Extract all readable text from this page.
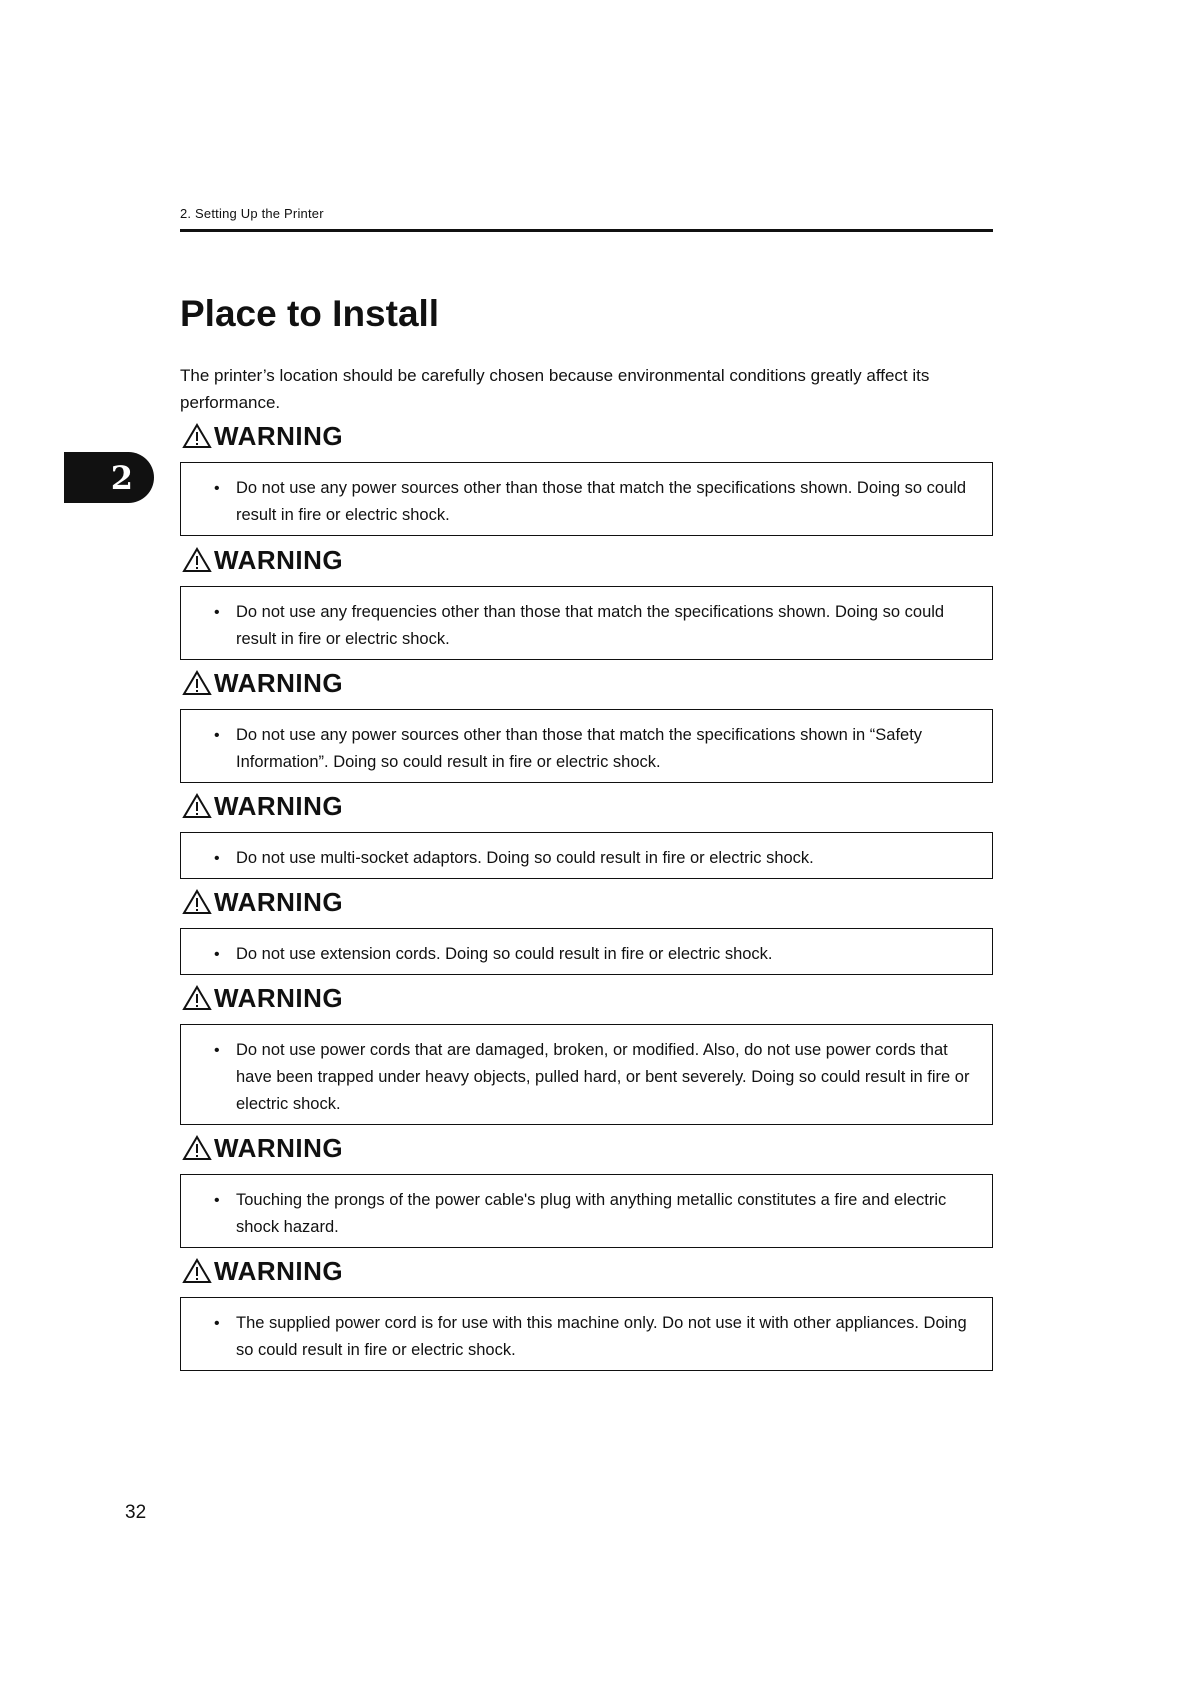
2. Setting Up the Printer
2
Place to Install

The printer’s location should be carefully chosen because environmental conditions greatly affect its performance.

WARNING
• Do not use any power sources other than those that match the specifications shown. Doing so could result in fire or electric shock.
WARNING
• Do not use any frequencies other than those that match the specifications shown. Doing so could result in fire or electric shock.
WARNING
• Do not use any power sources other than those that match the specifications shown in “Safety Information”. Doing so could result in fire or electric shock.
WARNING
• Do not use multi-socket adaptors. Doing so could result in fire or electric shock.
WARNING
• Do not use extension cords. Doing so could result in fire or electric shock.
WARNING
• Do not use power cords that are damaged, broken, or modified. Also, do not use power cords that have been trapped under heavy objects, pulled hard, or bent severely. Doing so could result in fire or electric shock.
WARNING
• Touching the prongs of the power cable's plug with anything metallic constitutes a fire and electric shock hazard.
WARNING
• The supplied power cord is for use with this machine only. Do not use it with other appliances. Doing so could result in fire or electric shock.
32
